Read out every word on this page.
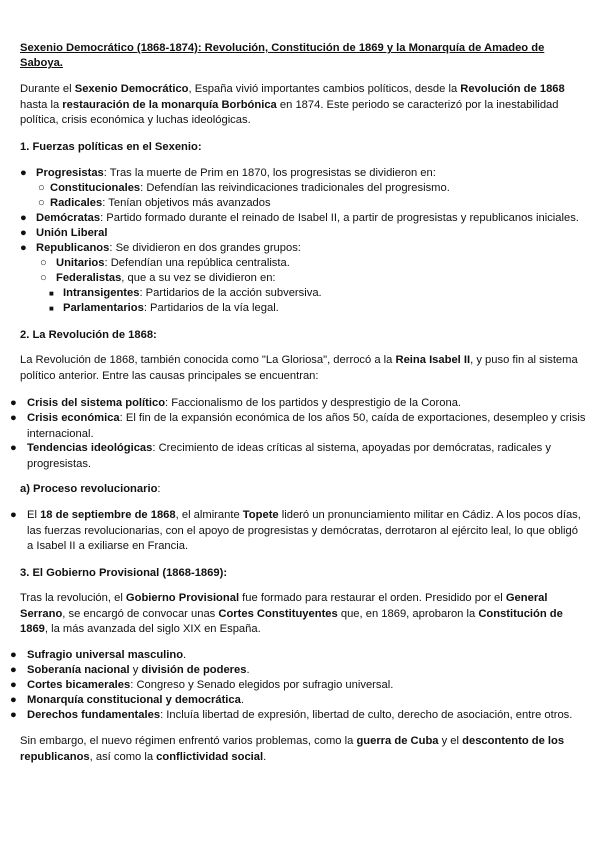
Sexenio Democrático (1868-1874): Revolución, Constitución de 1869 y la Monarquía de Amadeo de Saboya.

Durante el Sexenio Democrático, España vivió importantes cambios políticos, desde la Revolución de 1868
hasta la restauración de la monarquía Borbónica en 1874. Este periodo se caracterizó por la inestabilidad política, crisis económica y luchas ideológicas.

1. Fuerzas políticas en el Sexenio:

● Progresistas: Tras la muerte de Prim en 1870, los progresistas se dividieron en:
○ Constitucionales: Defendían las reivindicaciones tradicionales del progresismo.
○ Radicales: Tenían objetivos más avanzados
● Demócratas: Partido formado durante el reinado de Isabel II, a partir de progresistas y republicanos iniciales.
● Unión Liberal
● Republicanos: Se dividieron en dos grandes grupos:
○ Unitarios: Defendían una república centralista.
○ Federalistas, que a su vez se dividieron en:
■ Intransigentes: Partidarios de la acción subversiva.
■ Parlamentarios: Partidarios de la vía legal.

2. La Revolución de 1868:

La Revolución de 1868, también conocida como "La Gloriosa", derrocó a la Reina Isabel II, y puso fin al sistema político anterior. Entre las causas principales se encuentran:

● Crisis del sistema político: Faccionalismo de los partidos y desprestigio de la Corona.
● Crisis económica: El fin de la expansión económica de los años 50, caída de exportaciones, desempleo y crisis internacional.
● Tendencias ideológicas: Crecimiento de ideas críticas al sistema, apoyadas por demócratas, radicales y progresistas.

a) Proceso revolucionario:

● El 18 de septiembre de 1868, el almirante Topete lideró un pronunciamiento militar en Cádiz. A los pocos días, las fuerzas revolucionarias, con el apoyo de progresistas y demócratas, derrotaron al ejército leal, lo que obligó a Isabel II a exiliarse en Francia.

3. El Gobierno Provisional (1868-1869):

Tras la revolución, el Gobierno Provisional fue formado para restaurar el orden. Presidido por el General Serrano, se encargó de convocar unas Cortes Constituyentes que, en 1869, aprobaron la Constitución de 1869, la más avanzada del siglo XIX en España.

● Sufragio universal masculino.
● Soberanía nacional y división de poderes.
● Cortes bicamerales: Congreso y Senado elegidos por sufragio universal.
● Monarquía constitucional y democrática.
● Derechos fundamentales: Incluía libertad de expresión, libertad de culto, derecho de asociación, entre otros.

Sin embargo, el nuevo régimen enfrentó varios problemas, como la guerra de Cuba y el descontento de los republicanos, así como la conflictividad social.
